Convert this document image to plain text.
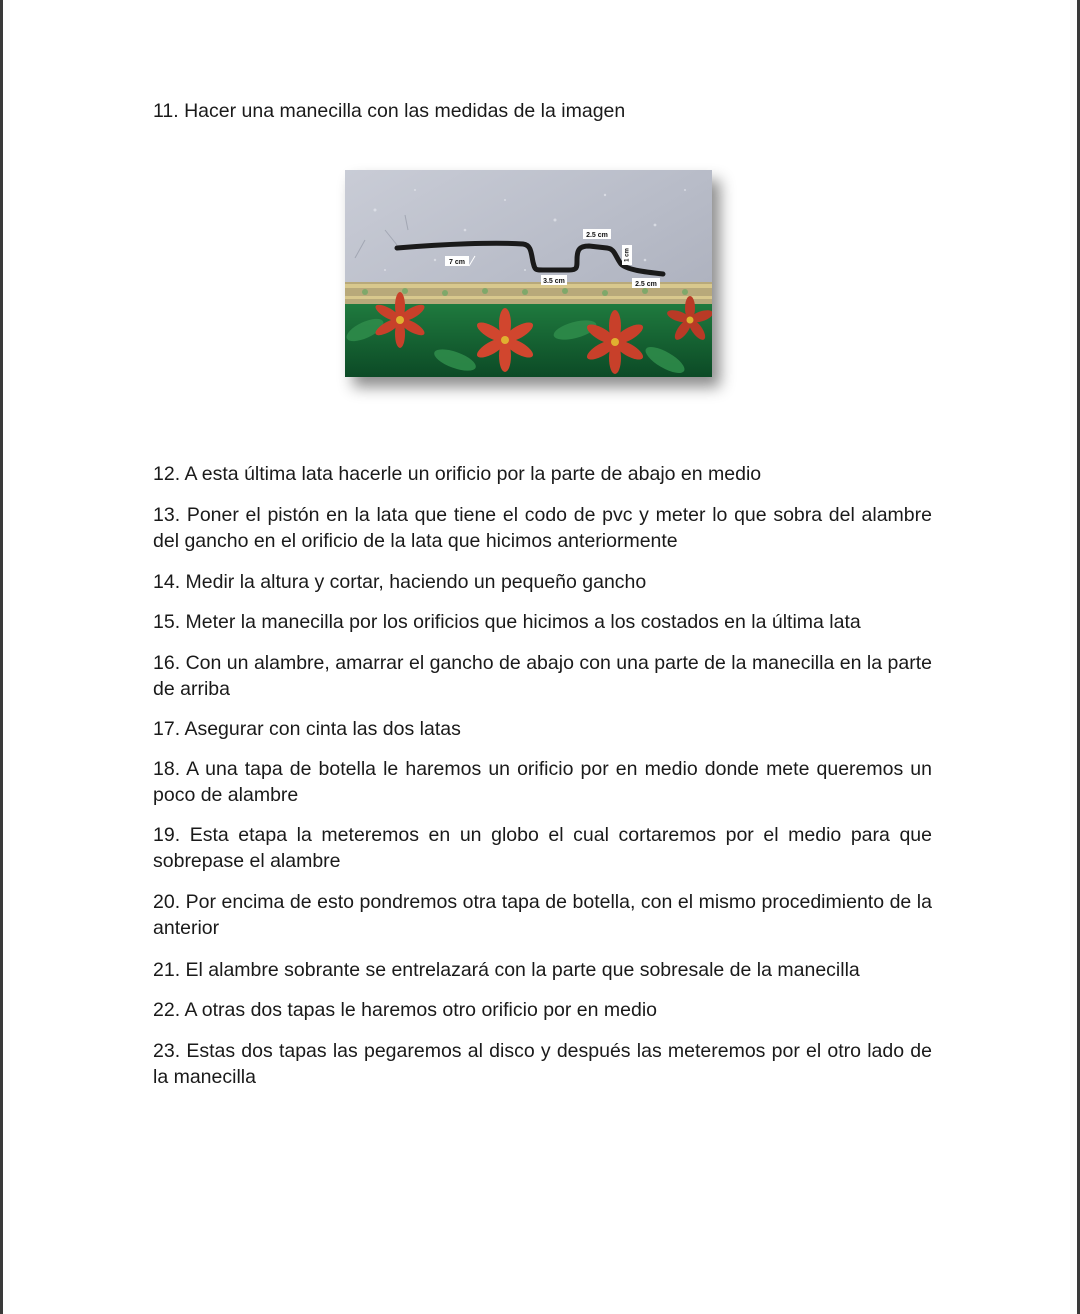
11. Hacer una manecilla con las medidas de la imagen

7 cm
3.5 cm
2.5 cm
1 cm
2.5 cm

12. A esta última lata hacerle un orificio por la parte de abajo en medio

13. Poner el pistón en la lata que tiene el codo de pvc y meter lo que sobra del alambre del gancho en el orificio de la lata que hicimos anteriormente

14. Medir la altura y cortar, haciendo un pequeño gancho

15. Meter la manecilla por los orificios que hicimos a los costados en la última lata

16. Con un alambre, amarrar el gancho de abajo con una parte de la manecilla en la parte de arriba

17. Asegurar con cinta las dos latas

18. A una tapa de botella le haremos un orificio por en medio donde mete queremos un poco de alambre

19. Esta etapa la meteremos en un globo el cual cortaremos por el medio para que sobrepase el alambre

20. Por encima de esto pondremos otra tapa de botella, con el mismo procedimiento de la anterior

21. El alambre sobrante se entrelazará con la parte que sobresale de la manecilla

22. A otras dos tapas le haremos otro orificio por en medio

23. Estas dos tapas las pegaremos al disco y después las meteremos por el otro lado de la manecilla
